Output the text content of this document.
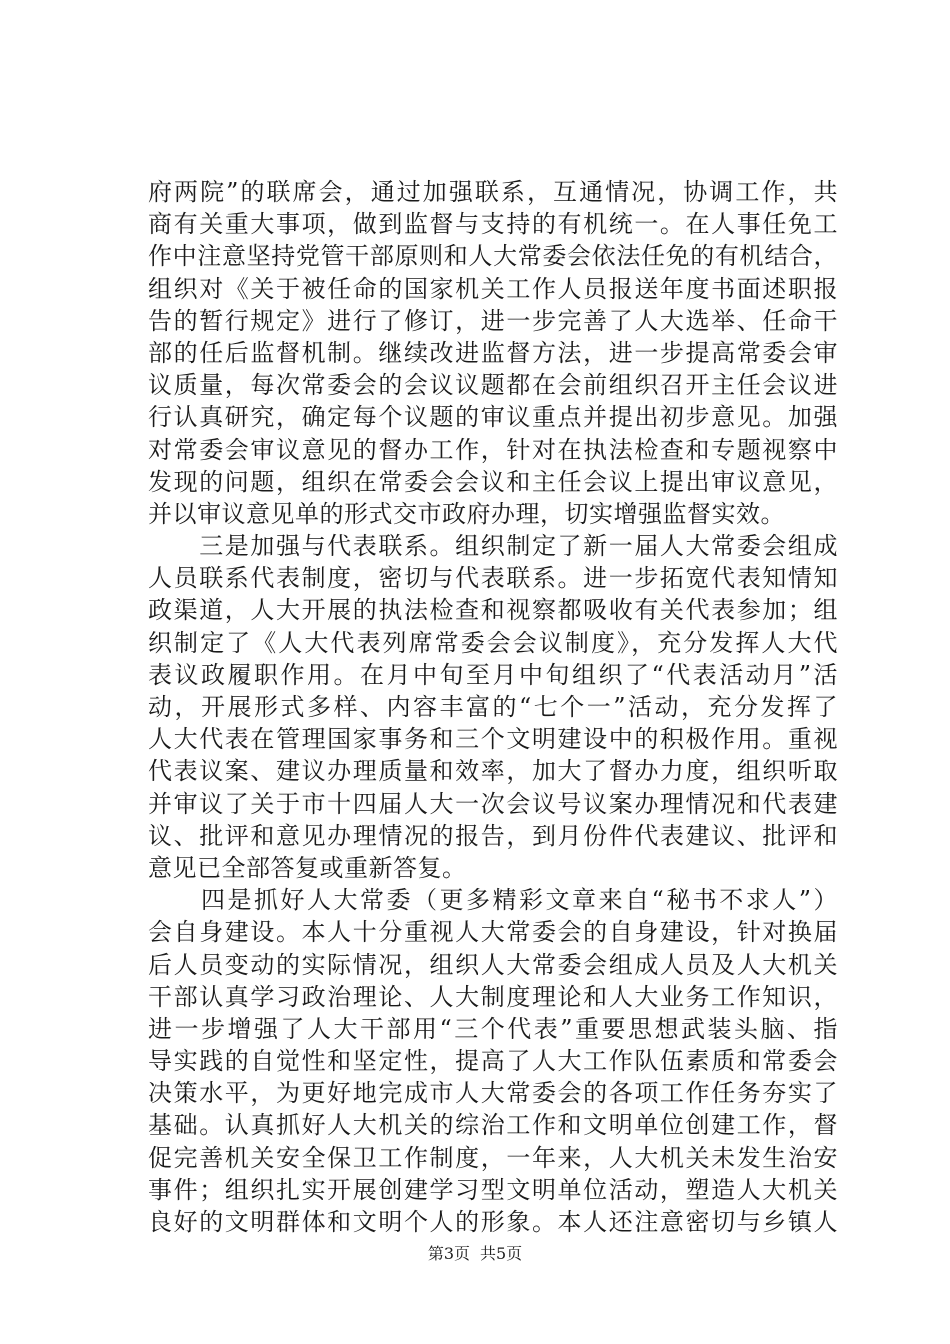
府两院”的联席会，通过加强联系，互通情况，协调工作，共
商有关重大事项，做到监督与支持的有机统一。在人事任免工
作中注意坚持党管干部原则和人大常委会依法任免的有机结合，
组织对《关于被任命的国家机关工作人员报送年度书面述职报
告的暂行规定》进行了修订，进一步完善了人大选举、任命干
部的任后监督机制。继续改进监督方法，进一步提高常委会审
议质量，每次常委会的会议议题都在会前组织召开主任会议进
行认真研究，确定每个议题的审议重点并提出初步意见。加强
对常委会审议意见的督办工作，针对在执法检查和专题视察中
发现的问题，组织在常委会会议和主任会议上提出审议意见，
并以审议意见单的形式交市政府办理，切实增强监督实效。
　　三是加强与代表联系。组织制定了新一届人大常委会组成
人员联系代表制度，密切与代表联系。进一步拓宽代表知情知
政渠道，人大开展的执法检查和视察都吸收有关代表参加；组
织制定了《人大代表列席常委会会议制度》，充分发挥人大代
表议政履职作用。在月中旬至月中旬组织了“代表活动月”活
动，开展形式多样、内容丰富的“七个一”活动，充分发挥了
人大代表在管理国家事务和三个文明建设中的积极作用。重视
代表议案、建议办理质量和效率，加大了督办力度，组织听取
并审议了关于市十四届人大一次会议号议案办理情况和代表建
议、批评和意见办理情况的报告，到月份件代表建议、批评和
意见已全部答复或重新答复。
　　四是抓好人大常委（更多精彩文章来自“秘书不求人”）
会自身建设。本人十分重视人大常委会的自身建设，针对换届
后人员变动的实际情况，组织人大常委会组成人员及人大机关
干部认真学习政治理论、人大制度理论和人大业务工作知识，
进一步增强了人大干部用“三个代表”重要思想武装头脑、指
导实践的自觉性和坚定性，提高了人大工作队伍素质和常委会
决策水平，为更好地完成市人大常委会的各项工作任务夯实了
基础。认真抓好人大机关的综治工作和文明单位创建工作，督
促完善机关安全保卫工作制度，一年来，人大机关未发生治安
事件；组织扎实开展创建学习型文明单位活动，塑造人大机关
良好的文明群体和文明个人的形象。本人还注意密切与乡镇人
第3页 共5页
